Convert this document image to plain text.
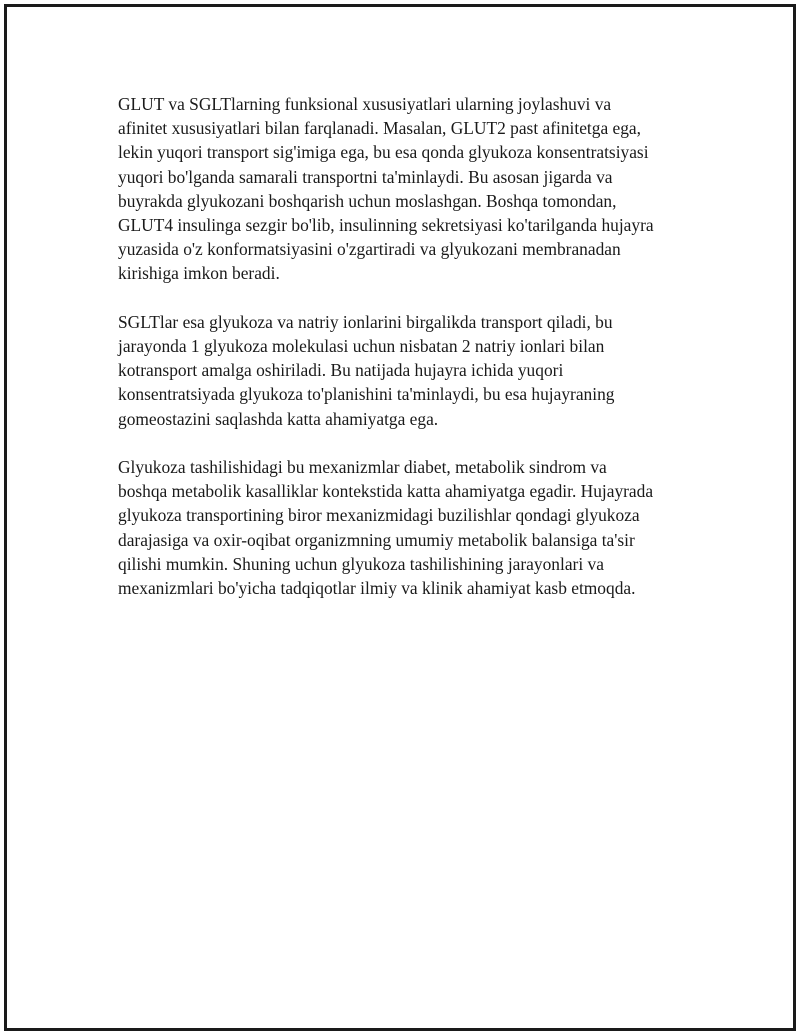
GLUT va SGLTlarning funksional xususiyatlari ularning joylashuvi va
afinitet xususiyatlari bilan farqlanadi. Masalan, GLUT2 past afinitetga ega,
lekin yuqori transport sig'imiga ega, bu esa qonda glyukoza konsentratsiyasi
yuqori bo'lganda samarali transportni ta'minlaydi. Bu asosan jigarda va
buyrakda glyukozani boshqarish uchun moslashgan. Boshqa tomondan,
GLUT4 insulinga sezgir bo'lib, insulinning sekretsiyasi ko'tarilganda hujayra
yuzasida o'z konformatsiyasini o'zgartiradi va glyukozani membranadan
kirishiga imkon beradi.

SGLTlar esa glyukoza va natriy ionlarini birgalikda transport qiladi, bu
jarayonda 1 glyukoza molekulasi uchun nisbatan 2 natriy ionlari bilan
kotransport amalga oshiriladi. Bu natijada hujayra ichida yuqori
konsentratsiyada glyukoza to'planishini ta'minlaydi, bu esa hujayraning
gomeostazini saqlashda katta ahamiyatga ega.

Glyukoza tashilishidagi bu mexanizmlar diabet, metabolik sindrom va
boshqa metabolik kasalliklar kontekstida katta ahamiyatga egadir. Hujayrada
glyukoza transportining biror mexanizmidagi buzilishlar qondagi glyukoza
darajasiga va oxir-oqibat organizmning umumiy metabolik balansiga ta'sir
qilishi mumkin. Shuning uchun glyukoza tashilishining jarayonlari va
mexanizmlari bo'yicha tadqiqotlar ilmiy va klinik ahamiyat kasb etmoqda.
